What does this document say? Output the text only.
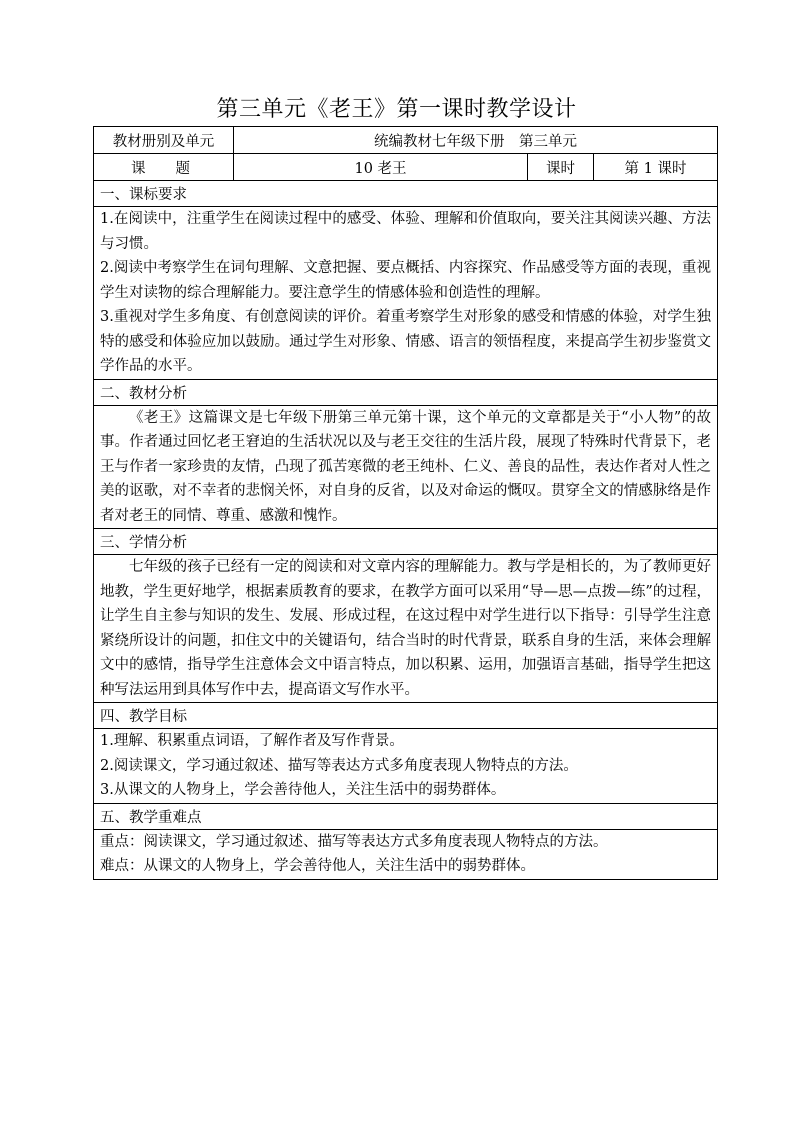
第三单元《老王》第一课时教学设计
教材册别及单元	统编教材七年级下册　第三单元		
课题	10 老王	课时	第 1 课时
一、课标要求			

1.在阅读中，注重学生在阅读过程中的感受、体验、理解和价值取向，要关注其阅读兴趣、方法与习惯。

2.阅读中考察学生在词句理解、文意把握、要点概括、内容探究、作品感受等方面的表现，重视学生对读物的综合理解能力。要注意学生的情感体验和创造性的理解。

3.重视对学生多角度、有创意阅读的评价。着重考察学生对形象的感受和情感的体验，对学生独特的感受和体验应加以鼓励。通过学生对形象、情感、语言的领悟程度，来提高学生初步鉴赏文学作品的水平。			

二、教材分析			

《老王》这篇课文是七年级下册第三单元第十课，这个单元的文章都是关于“小人物”的故事。作者通过回忆老王窘迫的生活状况以及与老王交往的生活片段，展现了特殊时代背景下，老王与作者一家珍贵的友情，凸现了孤苦寒微的老王纯朴、仁义、善良的品性，表达作者对人性之美的讴歌，对不幸者的悲悯关怀，对自身的反省，以及对命运的慨叹。贯穿全文的情感脉络是作者对老王的同情、尊重、感激和愧怍。			

三、学情分析			

七年级的孩子已经有一定的阅读和对文章内容的理解能力。教与学是相长的，为了教师更好地教，学生更好地学，根据素质教育的要求，在教学方面可以采用“导—思—点拨—练”的过程，让学生自主参与知识的发生、发展、形成过程，在这过程中对学生进行以下指导：引导学生注意紧绕所设计的问题，扣住文中的关键语句，结合当时的时代背景，联系自身的生活，来体会理解文中的感情，指导学生注意体会文中语言特点，加以积累、运用，加强语言基础，指导学生把这种写法运用到具体写作中去，提高语文写作水平。			

四、教学目标			

1.理解、积累重点词语，了解作者及写作背景。

2.阅读课文，学习通过叙述、描写等表达方式多角度表现人物特点的方法。

3.从课文的人物身上，学会善待他人，关注生活中的弱势群体。			

五、教学重难点			

重点：阅读课文，学习通过叙述、描写等表达方式多角度表现人物特点的方法。

难点：从课文的人物身上，学会善待他人，关注生活中的弱势群体。			
